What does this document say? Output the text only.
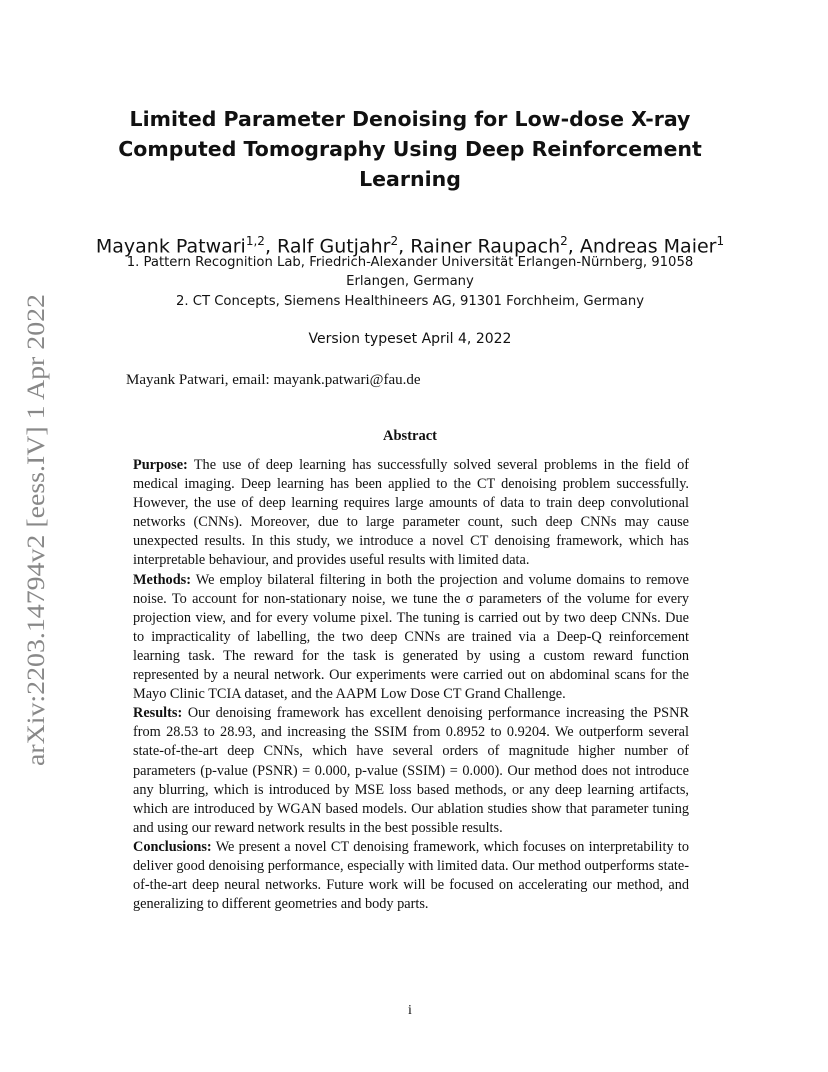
arXiv:2203.14794v2 [eess.IV] 1 Apr 2022
Limited Parameter Denoising for Low-dose X-ray
Computed Tomography Using Deep Reinforcement
Learning
Mayank Patwari$^{1,2}$, Ralf Gutjahr$^2$, Rainer Raupach$^2$, Andreas Maier$^1$
1. Pattern Recognition Lab, Friedrich-Alexander Universität Erlangen-Nürnberg, 91058
Erlangen, Germany
2. CT Concepts, Siemens Healthineers AG, 91301 Forchheim, Germany
Version typeset April 4, 2022
Mayank Patwari, email: mayank.patwari@fau.de
Abstract

Purpose: The use of deep learning has successfully solved several problems in the field of medical imaging. Deep learning has been applied to the CT denoising problem successfully. However, the use of deep learning requires large amounts of data to train deep convolutional networks (CNNs). Moreover, due to large parameter count, such deep CNNs may cause unexpected results. In this study, we introduce a novel CT denoising framework, which has interpretable behaviour, and provides useful results with limited data.

Methods: We employ bilateral filtering in both the projection and volume domains to remove noise. To account for non-stationary noise, we tune the σ parameters of the volume for every projection view, and for every volume pixel. The tuning is carried out by two deep CNNs. Due to impracticality of labelling, the two deep CNNs are trained via a Deep-Q reinforcement learning task. The reward for the task is generated by using a custom reward function represented by a neural network. Our experiments were carried out on abdominal scans for the Mayo Clinic TCIA dataset, and the AAPM Low Dose CT Grand Challenge.

Results: Our denoising framework has excellent denoising performance increasing the PSNR from 28.53 to 28.93, and increasing the SSIM from 0.8952 to 0.9204. We outperform several state-of-the-art deep CNNs, which have several orders of magnitude higher number of parameters (p-value (PSNR) = 0.000, p-value (SSIM) = 0.000). Our method does not introduce any blurring, which is introduced by MSE loss based methods, or any deep learning artifacts, which are introduced by WGAN based models. Our ablation studies show that parameter tuning and using our reward network results in the best possible results.

Conclusions: We present a novel CT denoising framework, which focuses on interpretability to deliver good denoising performance, especially with limited data. Our method outperforms state-of-the-art deep neural networks. Future work will be focused on accelerating our method, and generalizing to different geometries and body parts.

i
